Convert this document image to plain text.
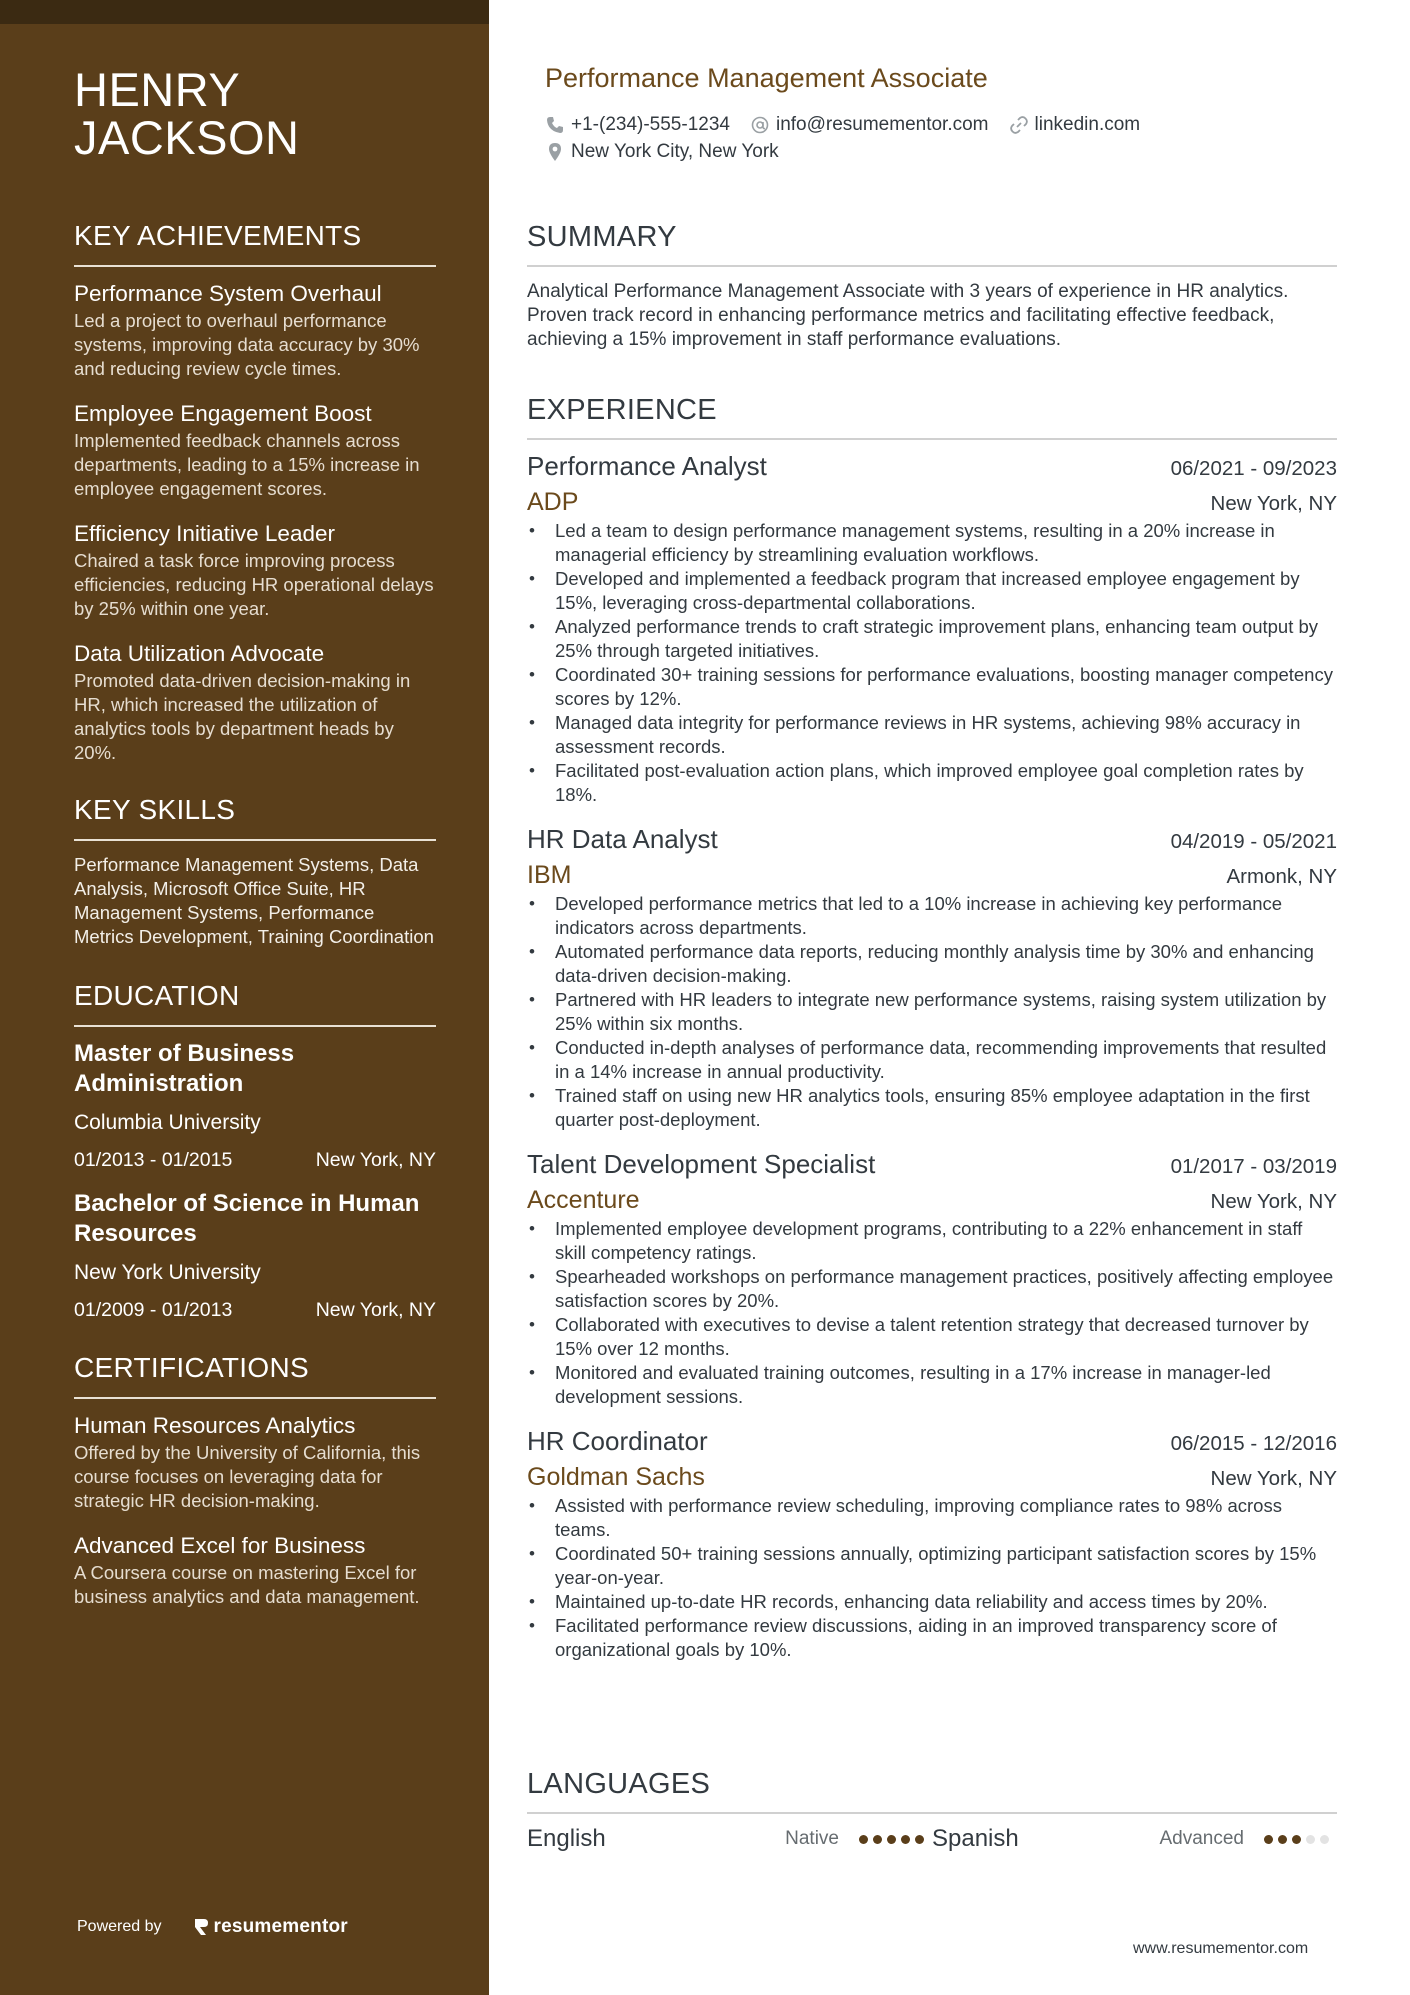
HENRY
JACKSON
KEY ACHIEVEMENTS
Performance System Overhaul
Led a project to overhaul performance systems, improving data accuracy by 30% and reducing review cycle times.
Employee Engagement Boost
Implemented feedback channels across departments, leading to a 15% increase in employee engagement scores.
Efficiency Initiative Leader
Chaired a task force improving process efficiencies, reducing HR operational delays by 25% within one year.
Data Utilization Advocate
Promoted data-driven decision-making in HR, which increased the utilization of analytics tools by department heads by 20%.
KEY SKILLS
Performance Management Systems, Data Analysis, Microsoft Office Suite, HR Management Systems, Performance Metrics Development, Training Coordination
EDUCATION
Master of Business Administration
Columbia University
01/2013 - 01/2015	New York, NY
Bachelor of Science in Human Resources
New York University
01/2009 - 01/2013	New York, NY
CERTIFICATIONS
Human Resources Analytics
Offered by the University of California, this course focuses on leveraging data for strategic HR decision-making.
Advanced Excel for Business
A Coursera course on mastering Excel for business analytics and data management.
Powered by	resumementor
Performance Management Associate
+1-(234)-555-1234 info@resumementor.com linkedin.com
New York City, New York
SUMMARY
Analytical Performance Management Associate with 3 years of experience in HR analytics. Proven track record in enhancing performance metrics and facilitating effective feedback, achieving a 15% improvement in staff performance evaluations.
EXPERIENCE
Performance Analyst	06/2021 - 09/2023
ADP	New York, NY
• Led a team to design performance management systems, resulting in a 20% increase in managerial efficiency by streamlining evaluation workflows.
• Developed and implemented a feedback program that increased employee engagement by 15%, leveraging cross-departmental collaborations.
• Analyzed performance trends to craft strategic improvement plans, enhancing team output by 25% through targeted initiatives.
• Coordinated 30+ training sessions for performance evaluations, boosting manager competency scores by 12%.
• Managed data integrity for performance reviews in HR systems, achieving 98% accuracy in assessment records.
• Facilitated post-evaluation action plans, which improved employee goal completion rates by 18%.
HR Data Analyst	04/2019 - 05/2021
IBM	Armonk, NY
• Developed performance metrics that led to a 10% increase in achieving key performance indicators across departments.
• Automated performance data reports, reducing monthly analysis time by 30% and enhancing data-driven decision-making.
• Partnered with HR leaders to integrate new performance systems, raising system utilization by 25% within six months.
• Conducted in-depth analyses of performance data, recommending improvements that resulted in a 14% increase in annual productivity.
• Trained staff on using new HR analytics tools, ensuring 85% employee adaptation in the first quarter post-deployment.
Talent Development Specialist	01/2017 - 03/2019
Accenture	New York, NY
• Implemented employee development programs, contributing to a 22% enhancement in staff skill competency ratings.
• Spearheaded workshops on performance management practices, positively affecting employee satisfaction scores by 20%.
• Collaborated with executives to devise a talent retention strategy that decreased turnover by 15% over 12 months.
• Monitored and evaluated training outcomes, resulting in a 17% increase in manager-led development sessions.
HR Coordinator	06/2015 - 12/2016
Goldman Sachs	New York, NY
• Assisted with performance review scheduling, improving compliance rates to 98% across teams.
• Coordinated 50+ training sessions annually, optimizing participant satisfaction scores by 15% year-on-year.
• Maintained up-to-date HR records, enhancing data reliability and access times by 20%.
• Facilitated performance review discussions, aiding in an improved transparency score of organizational goals by 10%.
LANGUAGES
English	Native	Spanish	Advanced
www.resumementor.com
